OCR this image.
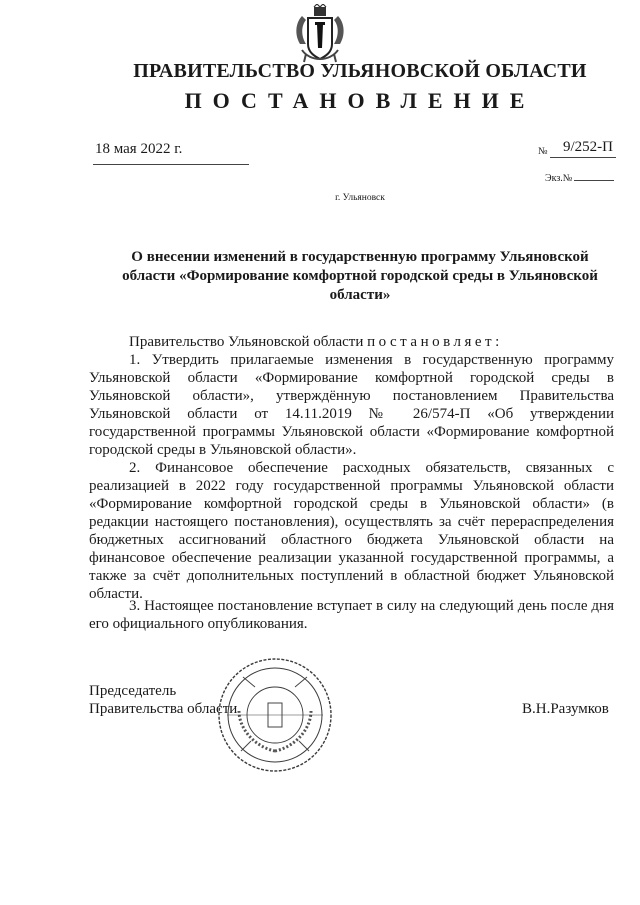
ПРАВИТЕЛЬСТВО УЛЬЯНОВСКОЙ ОБЛАСТИ
ПОСТАНОВЛЕНИЕ
18 мая 2022 г.	№ 9/252-П
Экз.№
г. Ульяновск
О внесении изменений в государственную программу Ульяновской области «Формирование комфортной городской среды в Ульяновской области»
Правительство Ульяновской области постановляет:
1. Утвердить прилагаемые изменения в государственную программу Ульяновской области «Формирование комфортной городской среды в Ульяновской области», утверждённую постановлением Правительства Ульяновской области от 14.11.2019 № 26/574-П «Об утверждении государственной программы Ульяновской области «Формирование комфортной городской среды в Ульяновской области».
2. Финансовое обеспечение расходных обязательств, связанных с реализацией в 2022 году государственной программы Ульяновской области «Формирование комфортной городской среды в Ульяновской области» (в редакции настоящего постановления), осуществлять за счёт перераспределения бюджетных ассигнований областного бюджета Ульяновской области на финансовое обеспечение реализации указанной государственной программы, а также за счёт дополнительных поступлений в областной бюджет Ульяновской области.
3. Настоящее постановление вступает в силу на следующий день после дня его официального опубликования.
Председатель
Правительства области	В.Н.Разумков
